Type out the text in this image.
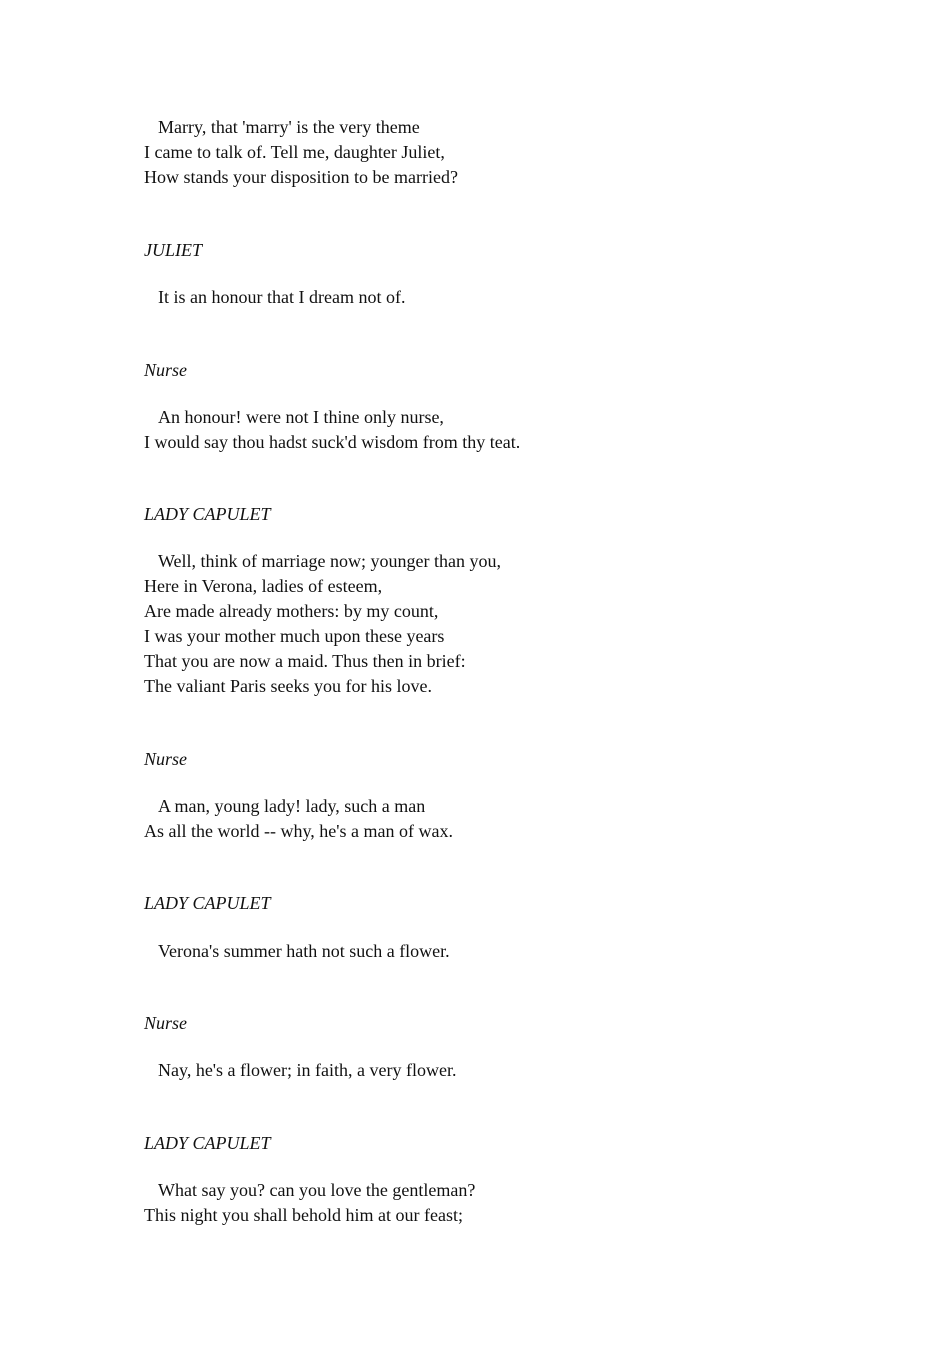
Marry, that 'marry' is the very theme
I came to talk of. Tell me, daughter Juliet,
How stands your disposition to be married?
JULIET
It is an honour that I dream not of.
Nurse
An honour! were not I thine only nurse,
I would say thou hadst suck'd wisdom from thy teat.
LADY CAPULET
Well, think of marriage now; younger than you,
Here in Verona, ladies of esteem,
Are made already mothers: by my count,
I was your mother much upon these years
That you are now a maid. Thus then in brief:
The valiant Paris seeks you for his love.
Nurse
A man, young lady! lady, such a man
As all the world -- why, he's a man of wax.
LADY CAPULET
Verona's summer hath not such a flower.
Nurse
Nay, he's a flower; in faith, a very flower.
LADY CAPULET
What say you? can you love the gentleman?
This night you shall behold him at our feast;
